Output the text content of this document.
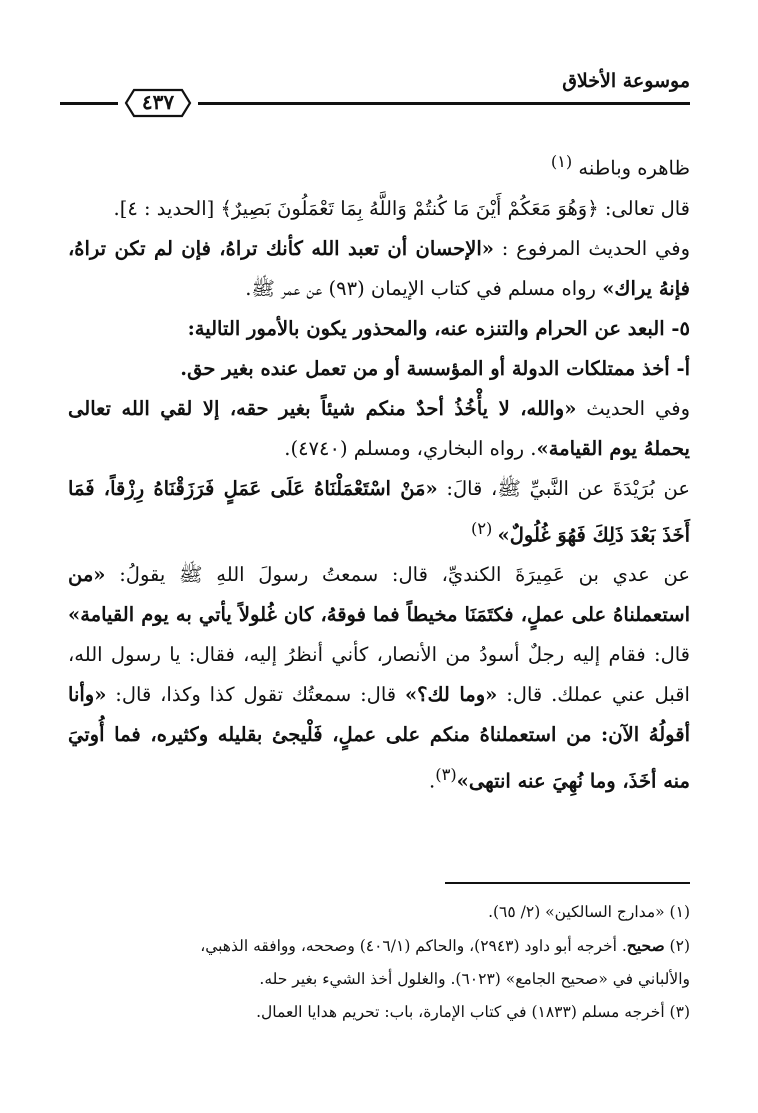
موسوعة الأخلاق
٤٣٧

ظاهره وباطنه $^{(١)}$

قال تعالى: ﴿وَهُوَ مَعَكُمْ أَيْنَ مَا كُنتُمْ وَاللَّهُ بِمَا تَعْمَلُونَ بَصِيرٌ﴾ [الحديد : ٤].

وفي الحديث المرفوع : «الإحسان أن تعبد الله كأنك تراهُ، فإن لم تكن تراهُ، فإنهُ يراك» رواه مسلم في كتاب الإيمان (٩٣) عن عمر ﷺ.

٥- البعد عن الحرام والتنزه عنه، والمحذور يكون بالأمور التالية:

أ- أخذ ممتلكات الدولة أو المؤسسة أو من تعمل عنده بغير حق.

وفي الحديث «والله، لا يأْخُذُ أحدٌ منكم شيئاً بغير حقه، إلا لقي الله تعالى يحملهُ يوم القيامة». رواه البخاري، ومسلم (٤٧٤٠).

عن بُرَيْدَةَ عن النَّبيِّ ﷺ، قالَ: «مَنْ اسْتَعْمَلْنَاهُ عَلَى عَمَلٍ فَرَزَقْنَاهُ رِزْقاً، فَمَا أَخَذَ بَعْدَ ذَلِكَ فَهُوَ غُلُولٌ» $^{(٢)}$

عن عدي بن عَمِيرَةَ الكنديِّ، قال: سمعتُ رسولَ اللهِ ﷺ يقولُ: «من استعملناهُ على عملٍ، فكتَمَنَا مخيطاً فما فوقهُ، كان غُلولاً يأتي به يوم القيامة» قال: فقام إليه رجلٌ أسودُ من الأنصار، كأني أنظرُ إليه، فقال: يا رسول الله، اقبل عني عملك. قال: «وما لك؟» قال: سمعتُك تقول كذا وكذا، قال: «وأنا أقولُهُ الآن: من استعملناهُ منكم على عملٍ، فَلْيجئ بقليله وكثيره، فما أُوتيَ منه أخَذَ، وما نُهِيَ عنه انتهى»$^{(٣)}$.

(١) «مدارج السالكين» (٢/ ٦٥).

(٢) صحيح. أخرجه أبو داود (٢٩٤٣)، والحاكم (٤٠٦/١) وصححه، ووافقه الذهبي،

والألباني في «صحيح الجامع» (٦٠٢٣). والغلول أخذ الشيء بغير حله.

(٣) أخرجه مسلم (١٨٣٣) في كتاب الإمارة، باب: تحريم هدايا العمال.
